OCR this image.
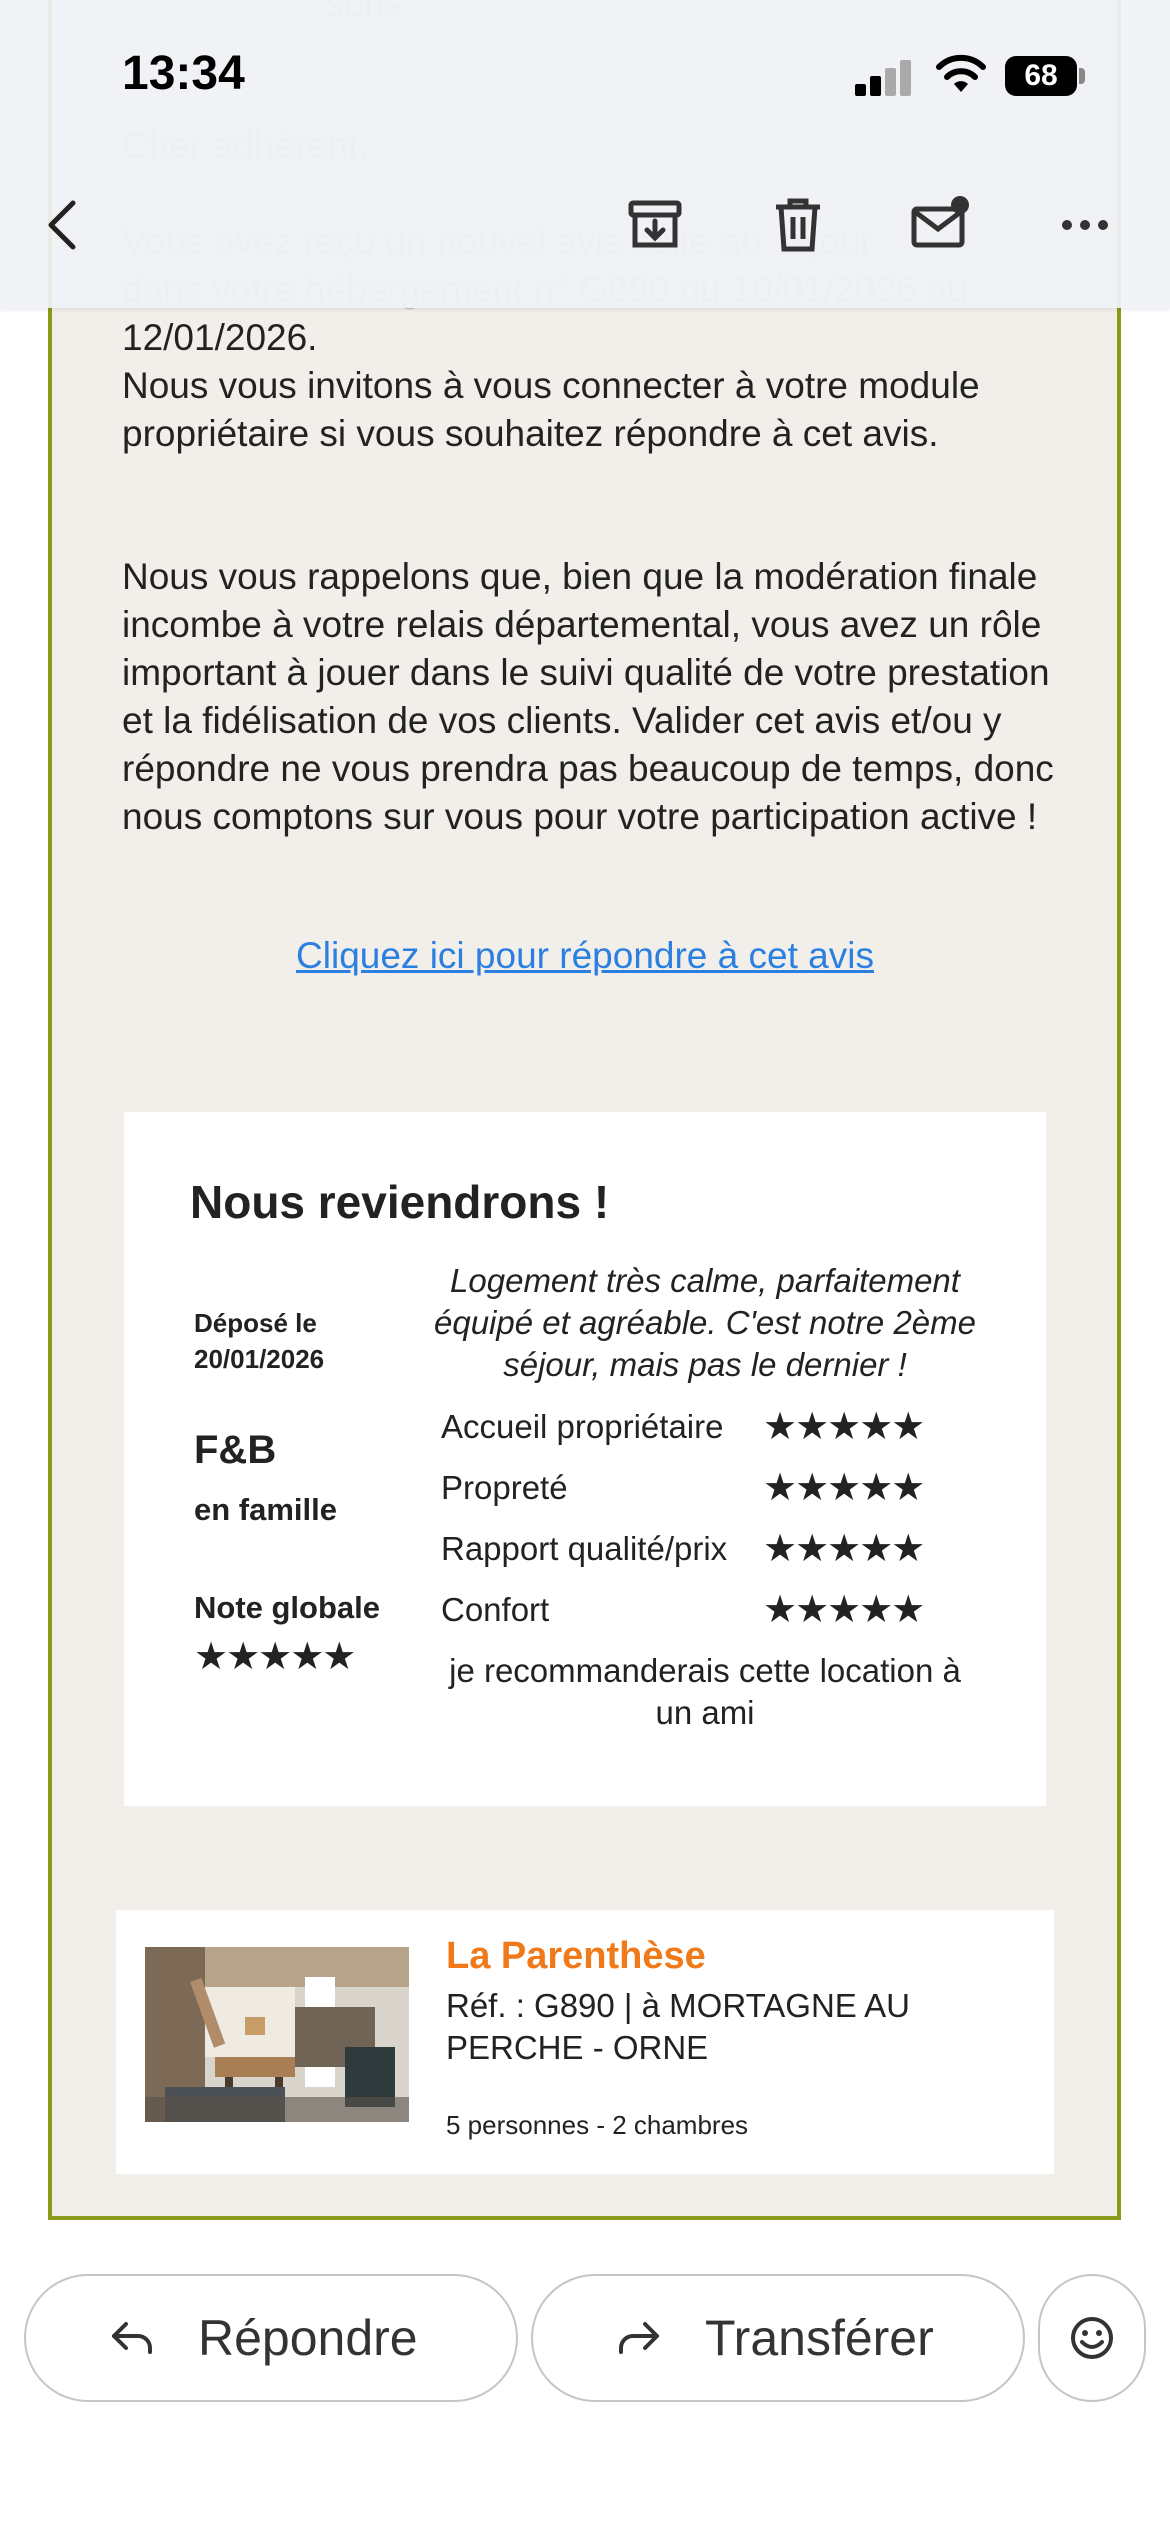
12/01/2026.
Nous vous invitons à vous connecter à votre module propriétaire si vous souhaitez répondre à cet avis.
Nous vous rappelons que, bien que la modération finale incombe à votre relais départemental, vous avez un rôle important à jouer dans le suivi qualité de votre prestation et la fidélisation de vos clients. Valider cet avis et/ou y répondre ne vous prendra pas beaucoup de temps, donc nous comptons sur vous pour votre participation active !
Cliquez ici pour répondre à cet avis
Nous reviendrons !
Déposé le
20/01/2026
Logement très calme, parfaitement équipé et agréable. C'est notre 2ème séjour, mais pas le dernier !
F&B
en famille
Note globale
★★★★★
Accueil propriétaire ★★★★★
Propreté	★★★★★
Rapport qualité/prix ★★★★★
Confort	★★★★★
je recommanderais cette location à un ami
La Parenthèse
Réf. : G890 | à MORTAGNE AU PERCHE - ORNE
5 personnes - 2 chambres
13:34	68
Répondre	Transférer
